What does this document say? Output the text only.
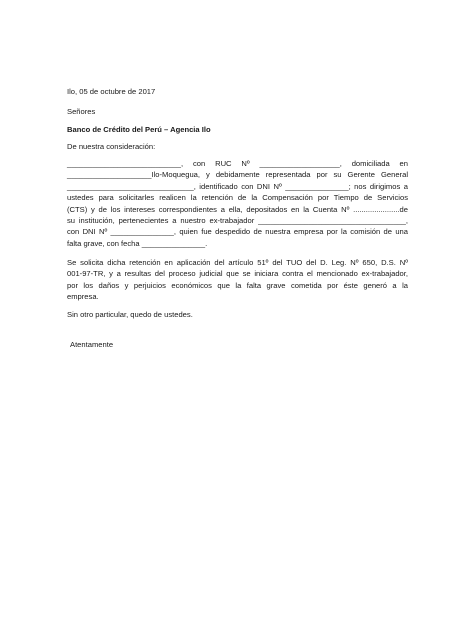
Ilo, 05 de octubre de 2017

Señores

Banco de Crédito del Perú – Agencia Ilo

De nuestra consideración:

___________________________, con RUC Nº ___________________, domiciliada en
____________________Ilo-Moquegua, y debidamente representada por su Gerente General
______________________________, identificado con DNI Nº _______________; nos dirigimos a
ustedes para solicitarles realicen la retención de la Compensación por Tiempo de Servicios
(CTS) y de los intereses correspondientes a ella, depositados en la Cuenta Nº ......................de
su institución, pertenecientes a nuestro ex-trabajador ___________________________________,
con DNI Nº _______________, quien fue despedido de nuestra empresa por la comisión de una
falta grave, con fecha _______________.
Se solicita dicha retención en aplicación del artículo 51º del TUO del D. Leg. Nº 650, D.S. Nº
001-97-TR, y a resultas del proceso judicial que se iniciara contra el mencionado ex-trabajador,
por los daños y perjuicios económicos que la falta grave cometida por éste generó a la
empresa.

Sin otro particular, quedo de ustedes.

Atentamente
